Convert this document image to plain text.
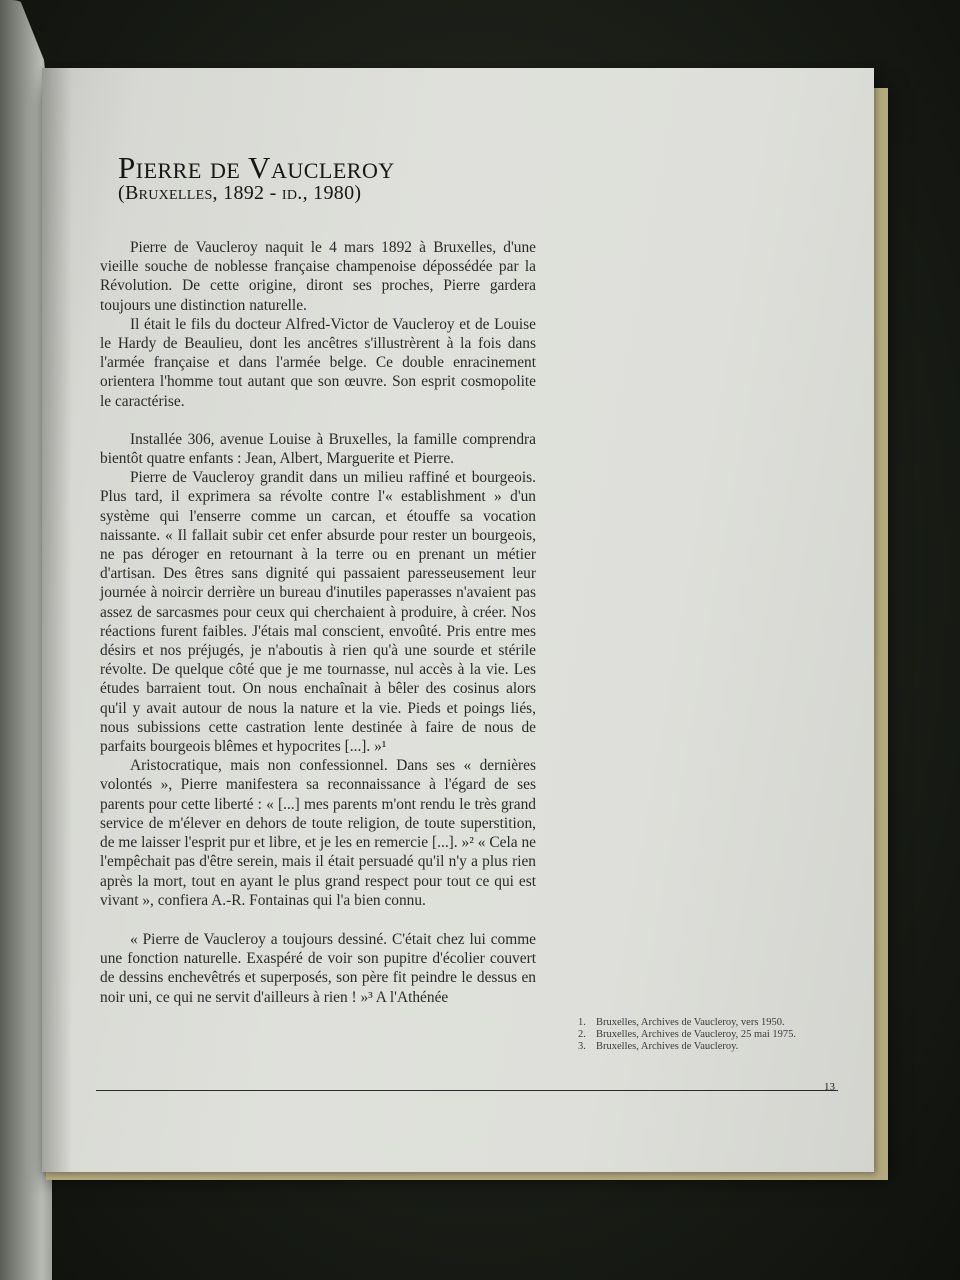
Pierre de Vaucleroy
(Bruxelles, 1892 - id., 1980)

Pierre de Vaucleroy naquit le 4 mars 1892 à Bruxelles, d'une vieille souche de noblesse française champenoise dépossédée par la Révolution. De cette origine, diront ses proches, Pierre gardera toujours une distinction naturelle.

Il était le fils du docteur Alfred-Victor de Vaucleroy et de Louise le Hardy de Beaulieu, dont les ancêtres s'illustrèrent à la fois dans l'armée française et dans l'armée belge. Ce double enracinement orientera l'homme tout autant que son œuvre. Son esprit cosmopolite le caractérise.

Installée 306, avenue Louise à Bruxelles, la famille comprendra bientôt quatre enfants : Jean, Albert, Marguerite et Pierre.

Pierre de Vaucleroy grandit dans un milieu raffiné et bourgeois. Plus tard, il exprimera sa révolte contre l'« establishment » d'un système qui l'enserre comme un carcan, et étouffe sa vocation naissante. « Il fallait subir cet enfer absurde pour rester un bourgeois, ne pas déroger en retournant à la terre ou en prenant un métier d'artisan. Des êtres sans dignité qui passaient paresseusement leur journée à noircir derrière un bureau d'inutiles paperasses n'avaient pas assez de sarcasmes pour ceux qui cherchaient à produire, à créer. Nos réactions furent faibles. J'étais mal conscient, envoûté. Pris entre mes désirs et nos préjugés, je n'aboutis à rien qu'à une sourde et stérile révolte. De quelque côté que je me tournasse, nul accès à la vie. Les études barraient tout. On nous enchaînait à bêler des cosinus alors qu'il y avait autour de nous la nature et la vie. Pieds et poings liés, nous subissions cette castration lente destinée à faire de nous de parfaits bourgeois blêmes et hypocrites [...]. »¹

Aristocratique, mais non confessionnel. Dans ses « dernières volontés », Pierre manifestera sa reconnaissance à l'égard de ses parents pour cette liberté : « [...] mes parents m'ont rendu le très grand service de m'élever en dehors de toute religion, de toute superstition, de me laisser l'esprit pur et libre, et je les en remercie [...]. »² « Cela ne l'empêchait pas d'être serein, mais il était persuadé qu'il n'y a plus rien après la mort, tout en ayant le plus grand respect pour tout ce qui est vivant », confiera A.-R. Fontainas qui l'a bien connu.

« Pierre de Vaucleroy a toujours dessiné. C'était chez lui comme une fonction naturelle. Exaspéré de voir son pupitre d'écolier couvert de dessins enchevêtrés et superposés, son père fit peindre le dessus en noir uni, ce qui ne servit d'ailleurs à rien ! »³ A l'Athénée

1. Bruxelles, Archives de Vaucleroy, vers 1950.
2. Bruxelles, Archives de Vaucleroy, 25 mai 1975.
3. Bruxelles, Archives de Vaucleroy.
13
